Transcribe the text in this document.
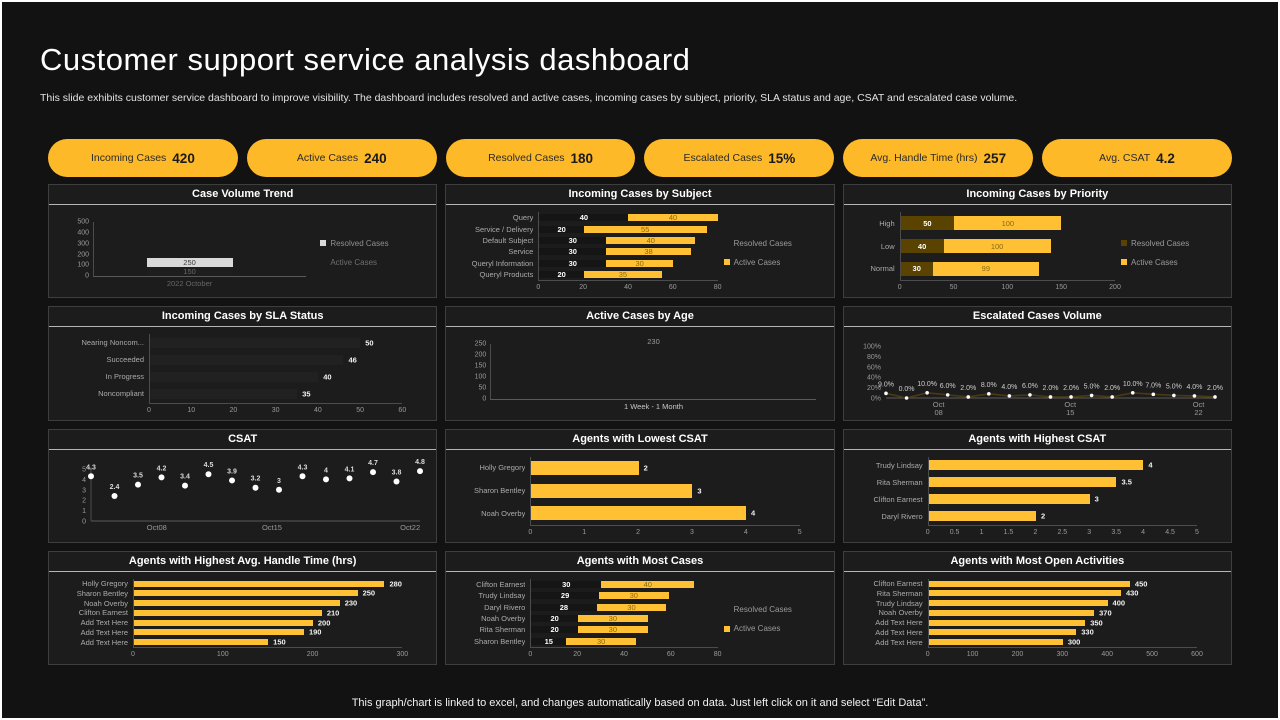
Customer support service analysis dashboard

This slide exhibits customer service dashboard to improve visibility. The dashboard includes resolved and active cases, incoming cases by subject, priority, SLA status and age, CSAT and escalated case volume.

Incoming Cases 420	Active Cases 240	Resolved Cases 180	Escalated Cases 15%	Avg. Handle Time (hrs) 257	Avg. CSAT 4.2
Case Volume Trend
0
100
200
300
400
500
150
250
2022 October
Resolved Cases
Active Cases
Incoming Cases by Subject
Query	40	40
Service / Delivery	20	55
Default Subject	30	40
Service	30	38
Queryl Information	30	30
Queryl Products	20	35
0	20	40	60	80
Resolved Cases
Active Cases
Incoming Cases by Priority
High	50	100
Low	40	100
Normal	30	99
0	50	100	150	200
Resolved Cases
Active Cases
Incoming Cases by SLA Status
Nearing Noncom...	50
Succeeded	46
In Progress	40
Noncompliant	35
0	10	20	30	40	50	60
Active Cases by Age
0
50
100
150
200
250	230
1 Week - 1 Month
Escalated Cases Volume
0%
20%
40%
60%
80%
100%
9.0%
0.0%
10.0% 6.0% 2.0% 8.0% 4.0% 6.0% 2.0% 2.0% 5.0% 2.0%
10.0% 7.0% 5.0% 4.0% 2.0%
Oct 08
Oct 15
Oct 22
CSAT
0
1
2
3
4
5 4.3
2.4
3.5
4.2
3.4
4.5
3.9
3.2 3
4.3 4 4.1
4.7
3.8
4.8
Oct08	Oct15	Oct22
Agents with Lowest CSAT
Holly Gregory	2
Sharon Bentley	3
Noah Overby	4
0	1	2	3	4	5
Agents with Highest CSAT
Trudy Lindsay	4
Rita Sherman	3.5
Clifton Earnest	3
Daryl Rivero	2
0	0.5	1	1.5	2	2.5	3	3.5	4	4.5	5
Agents with Highest Avg. Handle Time (hrs)
Holly Gregory	280
Sharon Bentley	250
Noah Overby	230
Clifton Earnest	210
Add Text Here	200
Add Text Here	190
Add Text Here	150
0	100	200	300
Agents with Most Cases
Clifton Earnest	30	40
Trudy Lindsay	29	30
Daryl Rivero	28	30
Noah Overby	20	30
Rita Sherman	20	30
Sharon Bentley	15	30
0	20	40	60	80
Resolved Cases
Active Cases
Agents with Most Open Activities
Clifton Earnest	450
Rita Sherman	430
Trudy Lindsay	400
Noah Overby	370
Add Text Here	350
Add Text Here	330
Add Text Here	300
0	100	200	300	400	500	600
This graph/chart is linked to excel, and changes automatically based on data. Just left click on it and select “Edit Data”.
